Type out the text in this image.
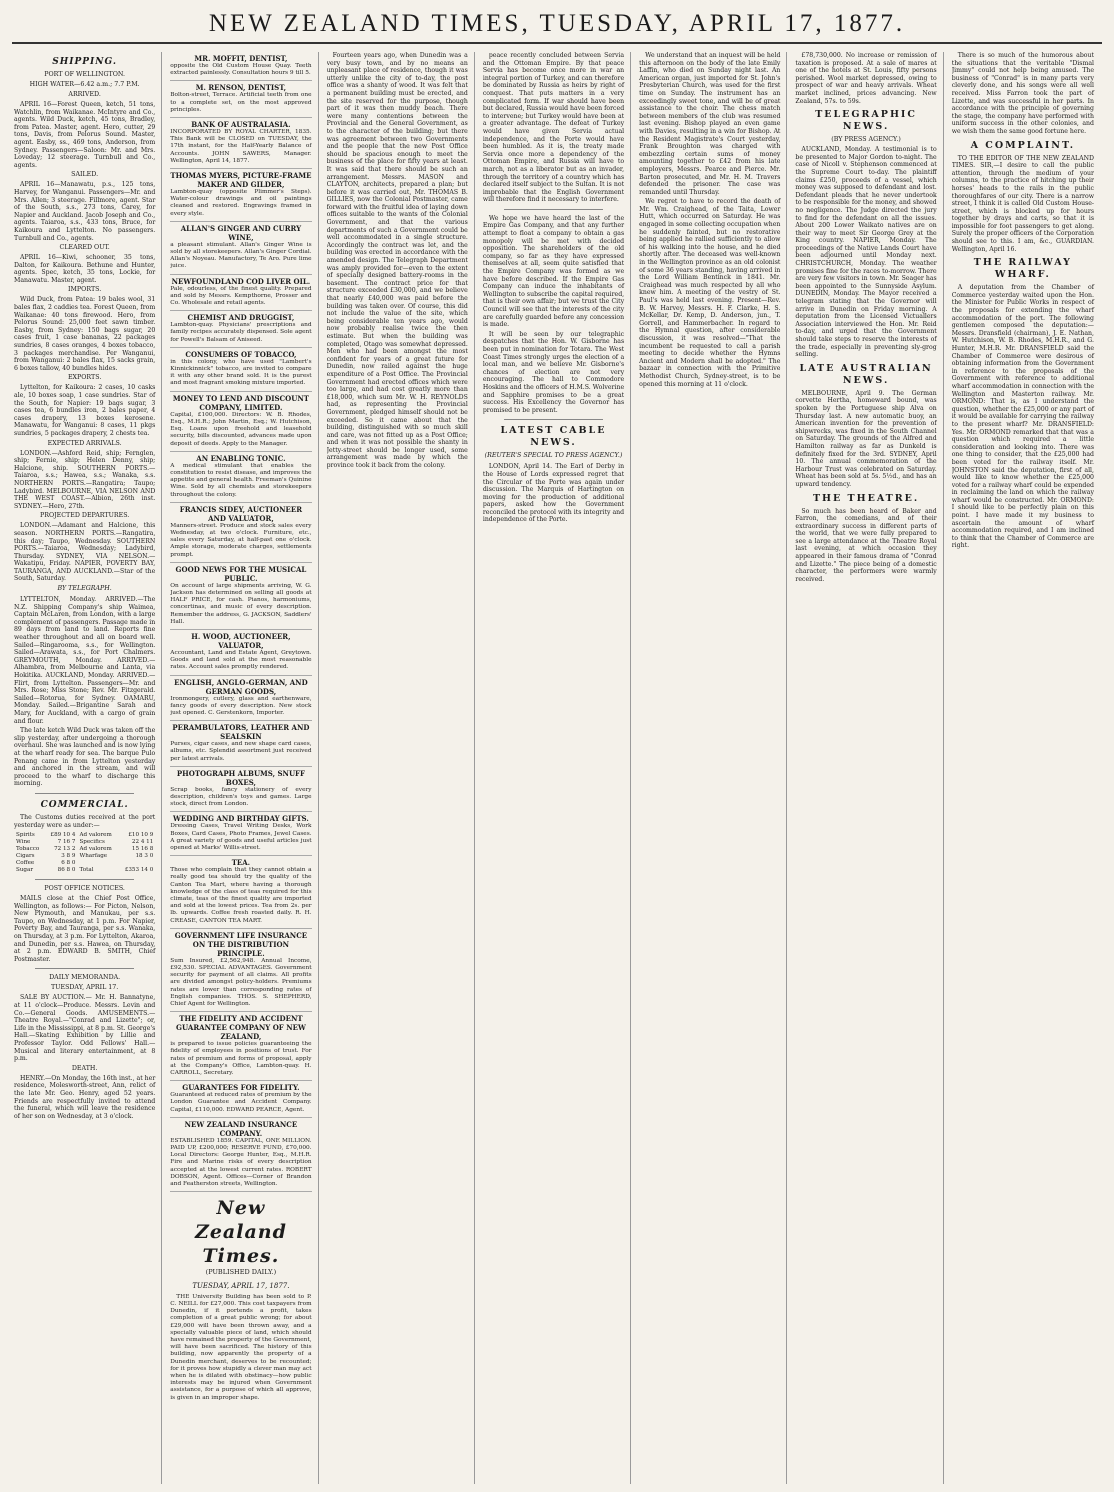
NEW ZEALAND TIMES, TUESDAY, APRIL 17, 1877.
SHIPPING.
PORT OF WELLINGTON.
HIGH WATER—6.42 a.m.; 7.7 P.M.
ARRIVED.

APRIL 16—Forest Queen, ketch, 51 tons, Watchlin, from Waikanae. McIntyre and Co., agents. Wild Duck, ketch, 45 tons, Bradley, from Patea. Master, agent. Hero, cutter, 29 tons, Davis, from Pelorus Sound. Master, agent. Easby, ss., 469 tons, Anderson, from Sydney. Passengers—Saloon: Mr. and Mrs. Loveday; 12 steerage. Turnbull and Co., agents.

SAILED.

APRIL 16—Manawatu, p.s., 125 tons, Harvey, for Wanganui. Passengers—Mr. and Mrs. Allen; 3 steerage. Fillmore, agent. Star of the South, s.s., 273 tons, Carey, for Napier and Auckland. Jacob Joseph and Co., agents. Taiaroa, s.s., 433 tons, Bruce, for Kaikoura and Lyttelton. No passengers. Turnbull and Co., agents.

CLEARED OUT.

APRIL 16—Kiwi, schooner, 35 tons, Dalton, for Kaikoura. Bethune and Hunter, agents. Spec, ketch, 35 tons, Lockie, for Manawatu. Master, agent.

IMPORTS.

Wild Duck, from Patea: 19 bales wool, 31 bales flax, 2 caddies tea. Forest Queen, from Waikanae: 40 tons firewood. Hero, from Pelorus Sound: 25,000 feet sawn timber. Easby, from Sydney: 150 bags sugar, 20 cases fruit, 1 case bananas, 22 packages sundries, 8 cases oranges, 4 boxes tobacco, 3 packages merchandise. Per Wanganui, from Wanganui: 2 bales flax, 15 sacks grain, 6 boxes tallow, 40 bundles hides.

EXPORTS.

Lyttelton, for Kaikoura: 2 cases, 10 casks ale, 10 boxes soap, 1 case sundries. Star of the South, for Napier: 19 bags sugar, 3 cases tea, 6 bundles iron, 2 bales paper, 4 cases drapery, 13 boxes kerosene. Manawatu, for Wanganui: 8 cases, 11 pkgs sundries, 5 packages drapery, 2 chests tea.

EXPECTED ARRIVALS.

LONDON.—Ashford Reid, ship; Fernglen, ship; Fernie, ship; Helen Denny, ship; Halcione, ship. SOUTHERN PORTS.—Taiaroa, s.s.; Hawea, s.s.; Wanaka, s.s. NORTHERN PORTS.—Rangatira; Taupo; Ladybird. MELBOURNE, VIA NELSON AND THE WEST COAST.—Albion, 26th inst. SYDNEY.—Hero, 27th.

PROJECTED DEPARTURES.

LONDON.—Adamant and Halcione, this season. NORTHERN PORTS.—Rangatira, this day; Taupo, Wednesday. SOUTHERN PORTS.—Taiaroa, Wednesday; Ladybird, Thursday. SYDNEY, VIA NELSON.—Wakatipu, Friday. NAPIER, POVERTY BAY, TAURANGA, AND AUCKLAND.—Star of the South, Saturday.

BY TELEGRAPH.

LYTTELTON, Monday. ARRIVED.—The N.Z. Shipping Company's ship Waimea, Captain McLaren, from London, with a large complement of passengers. Passage made in 89 days from land to land. Reports fine weather throughout and all on board well. Sailed—Ringarooma, s.s., for Wellington. Sailed—Arawata, s.s., for Port Chalmers. GREYMOUTH, Monday. ARRIVED.—Alhambra, from Melbourne and Lanta, via Hokitika. AUCKLAND, Monday. ARRIVED.—Flirt, from Lyttelton. Passengers—Mr. and Mrs. Rose; Miss Stone; Rev. Mr. Fitzgerald. Sailed—Rotorua, for Sydney. OAMARU, Monday. Sailed.—Brigantine Sarah and Mary, for Auckland, with a cargo of grain and flour.

The late ketch Wild Duck was taken off the slip yesterday, after undergoing a thorough overhaul. She was launched and is now lying at the wharf ready for sea. The barque Pulo Penang came in from Lyttelton yesterday and anchored in the stream, and will proceed to the wharf to discharge this morning.

COMMERCIAL.

The Customs duties received at the port yesterday were as under:—

Spirits	£89 10 4	Ad valorem	£10 10 9
Wine	7 16 7	Specifics	22 4 11
Tobacco	72 13 2	Ad valorem	15 16 8
Cigars	3 8 9	Wharfage	18 3 0
Coffee	6 8 0		
Sugar	86 8 0	Total	£353 14 0
POST OFFICE NOTICES.

MAILS close at the Chief Post Office, Wellington, as follows:— For Picton, Nelson, New Plymouth, and Manukau, per s.s. Taupo, on Wednesday, at 1 p.m. For Napier, Poverty Bay, and Tauranga, per s.s. Wanaka, on Thursday, at 3 p.m. For Lyttelton, Akaroa, and Dunedin, per s.s. Hawea, on Thursday, at 2 p.m. EDWARD B. SMITH, Chief Postmaster.

DAILY MEMORANDA.
TUESDAY, APRIL 17.

SALE BY AUCTION.— Mr. H. Bannatyne, at 11 o'clock—Produce. Messrs. Levin and Co.—General Goods. AMUSEMENTS.— Theatre Royal.—"Conrad and Lizette"; or, Life in the Mississippi, at 8 p.m. St. George's Hall.—Skating Exhibition by Lillie and Professor Taylor. Odd Fellows' Hall.—Musical and literary entertainment, at 8 p.m.

DEATH.

HENRY.—On Monday, the 16th inst., at her residence, Molesworth-street, Ann, relict of the late Mr. Geo. Henry, aged 52 years. Friends are respectfully invited to attend the funeral, which will leave the residence of her son on Wednesday, at 3 o'clock.

MR. MOFFIT, DENTIST,
opposite the Old Custom House Quay. Teeth extracted painlessly. Consultation hours 9 till 5.
M. RENSON, DENTIST,
Bolton-street, Terrace. Artificial teeth from one to a complete set, on the most approved principles.
BANK OF AUSTRALASIA.
INCORPORATED BY ROYAL CHARTER, 1835. This Bank will be CLOSED on TUESDAY, the 17th instant, for the Half-Yearly Balance of Accounts. JOHN SAWERS, Manager. Wellington, April 14, 1877.
THOMAS MYERS, PICTURE-FRAME MAKER AND GILDER,
Lambton-quay (opposite Plimmer's Steps). Water-colour drawings and oil paintings cleaned and restored. Engravings framed in every style.
ALLAN'S GINGER AND CURRY WINE,
a pleasant stimulant. Allan's Ginger Wine is sold by all storekeepers. Allan's Ginger Cordial. Allan's Noyeau. Manufactory, Te Aro. Pure lime juice.
NEWFOUNDLAND COD LIVER OIL.
Pale, odourless, of the finest quality. Prepared and sold by Messrs. Kempthorne, Prosser and Co. Wholesale and retail agents.
CHEMIST AND DRUGGIST,
Lambton-quay. Physicians' prescriptions and family recipes accurately dispensed. Sole agent for Powell's Balsam of Aniseed.
CONSUMERS OF TOBACCO,
in this colony, who have used "Lambert's Kinnickinnick" tobacco, are invited to compare it with any other brand sold. It is the purest and most fragrant smoking mixture imported.
MONEY TO LEND AND DISCOUNT COMPANY, LIMITED.
Capital, £100,000. Directors: W. B. Rhodes, Esq., M.H.R.; John Martin, Esq.; W. Hutchison, Esq. Loans upon freehold and leasehold security, bills discounted, advances made upon deposit of deeds. Apply to the Manager.
AN ENABLING TONIC.
A medical stimulant that enables the constitution to resist disease, and improves the appetite and general health. Freeman's Quinine Wine. Sold by all chemists and storekeepers throughout the colony.
FRANCIS SIDEY, AUCTIONEER AND VALUATOR,
Manners-street. Produce and stock sales every Wednesday, at two o'clock. Furniture, etc., sales every Saturday, at half-past one o'clock. Ample storage, moderate charges, settlements prompt.
GOOD NEWS FOR THE MUSICAL PUBLIC.
On account of large shipments arriving, W. G. Jackson has determined on selling all goods at HALF PRICE, for cash. Pianos, harmoniums, concertinas, and music of every description. Remember the address, G. JACKSON, Saddlers' Hall.
H. WOOD, AUCTIONEER, VALUATOR,
Accountant, Land and Estate Agent, Greytown. Goods and land sold at the most reasonable rates. Account sales promptly rendered.
ENGLISH, ANGLO-GERMAN, AND GERMAN GOODS,
Ironmongery, cutlery, glass and earthenware, fancy goods of every description. New stock just opened. C. Gerstenkorn, Importer.
PERAMBULATORS, LEATHER AND SEALSKIN
Purses, cigar cases, and new shape card cases, albums, etc. Splendid assortment just received per latest arrivals.
PHOTOGRAPH ALBUMS, SNUFF BOXES,
Scrap books, fancy stationery of every description, children's toys and games. Large stock, direct from London.
WEDDING AND BIRTHDAY GIFTS.
Dressing Cases, Travel Writing Desks, Work Boxes, Card Cases, Photo Frames, Jewel Cases. A great variety of goods and useful articles just opened at Marks' Willis-street.
TEA.
Those who complain that they cannot obtain a really good tea should try the quality of the Canton Tea Mart, where having a thorough knowledge of the class of teas required for this climate, teas of the finest quality are imported and sold at the lowest prices. Tea from 2s. per lb. upwards. Coffee fresh roasted daily. R. H. CREASE, CANTON TEA MART.
GOVERNMENT LIFE INSURANCE ON THE DISTRIBUTION PRINCIPLE.
Sum Insured, £2,562,948. Annual Income, £92,530. SPECIAL ADVANTAGES. Government security for payment of all claims. All profits are divided amongst policy-holders. Premiums rates are lower than corresponding rates of English companies. THOS. S. SHEPHERD, Chief Agent for Wellington.
THE FIDELITY AND ACCIDENT GUARANTEE COMPANY OF NEW ZEALAND,
is prepared to issue policies guaranteeing the fidelity of employees in positions of trust. For rates of premium and forms of proposal, apply at the Company's Office, Lambton-quay. H. CARROLL, Secretary.
GUARANTEES FOR FIDELITY.
Guaranteed at reduced rates of premium by the London Guarantee and Accident Company. Capital, £110,000. EDWARD PEARCE, Agent.
NEW ZEALAND INSURANCE COMPANY.
ESTABLISHED 1859. CAPITAL, ONE MILLION. PAID UP, £200,000; RESERVE FUND, £70,000. Local Directors: George Hunter, Esq., M.H.R. Fire and Marine risks of every description accepted at the lowest current rates. ROBERT DOBSON, Agent. Offices—Corner of Brandon and Featherston streets, Wellington.
New Zealand Times.
(PUBLISHED DAILY.)
TUESDAY, APRIL 17, 1877.

THE University Building has been sold to P. C. NEILL for £27,000. This cost taxpayers from Dunedin, if it portends a profit, takes completion of a great public wrong; for about £29,000 will have been thrown away, and a specially valuable piece of land, which should have remained the property of the Government, will have been sacrificed. The history of this building, now apparently the property of a Dunedin merchant, deserves to be recounted; for it proves how stupidly a clever man may act when he is dilated with obstinacy—how public interests may be injured when Government assistance, for a purpose of which all approve, is given in an improper shape.

Fourteen years ago, when Dunedin was a very busy town, and by no means an unpleasant place of residence, though it was utterly unlike the city of to-day, the post office was a shanty of wood. It was felt that a permanent building must be erected, and the site reserved for the purpose, though part of it was then muddy beach. There were many contentions between the Provincial and the General Government, as to the character of the building; but there was agreement between two Governments and the people that the new Post Office should be spacious enough to meet the business of the place for fifty years at least. It was said that there should be such an arrangement. Messrs. MASON and CLAYTON, architects, prepared a plan; but before it was carried out, Mr. THOMAS B. GILLIES, now the Colonial Postmaster, came forward with the fruitful idea of laying down offices suitable to the wants of the Colonial Government, and that the various departments of such a Government could be well accommodated in a single structure. Accordingly the contract was let, and the building was erected in accordance with the amended design. The Telegraph Department was amply provided for—even to the extent of specially designed battery-rooms in the basement. The contract price for that structure exceeded £30,000, and we believe that nearly £40,000 was paid before the building was taken over. Of course, this did not include the value of the site, which being considerable ten years ago, would now probably realise twice the then estimate. But when the building was completed, Otago was somewhat depressed. Men who had been amongst the most confident for years of a great future for Dunedin, now railed against the huge expenditure of a Post Office. The Provincial Government had erected offices which were too large, and had cost greatly more than £18,000, which sum Mr. W. H. REYNOLDS had, as representing the Provincial Government, pledged himself should not be exceeded. So it came about that the building, distinguished with so much skill and care, was not fitted up as a Post Office; and when it was not possible the shanty in Jetty-street should be longer used, some arrangement was made by which the province took it back from the colony.

peace recently concluded between Servia and the Ottoman Empire. By that peace Servia has become once more in war an integral portion of Turkey, and can therefore be dominated by Russia as heirs by right of conquest. That puts matters in a very complicated form. If war should have been but declared, Russia would have been forced to intervene; but Turkey would have been at a greater advantage. The defeat of Turkey would have given Servia actual independence, and the Porte would have been humbled. As it is, the treaty made Servia once more a dependency of the Ottoman Empire, and Russia will have to march, not as a liberator but as an invader, through the territory of a country which has declared itself subject to the Sultan. It is not improbable that the English Government will therefore find it necessary to interfere.

We hope we have heard the last of the Empire Gas Company, and that any further attempt to float a company to obtain a gas monopoly will be met with decided opposition. The shareholders of the old company, so far as they have expressed themselves at all, seem quite satisfied that the Empire Company was formed as we have before described. If the Empire Gas Company can induce the inhabitants of Wellington to subscribe the capital required, that is their own affair; but we trust the City Council will see that the interests of the city are carefully guarded before any concession is made.

It will be seen by our telegraphic despatches that the Hon. W. Gisborne has been put in nomination for Totara. The West Coast Times strongly urges the election of a local man, and we believe Mr. Gisborne's chances of election are not very encouraging. The hall to Commodore Hoskins and the officers of H.M.S. Wolverine and Sapphire promises to be a great success. His Excellency the Governor has promised to be present.

LATEST CABLE NEWS.
(REUTER'S SPECIAL TO PRESS AGENCY.)

LONDON, April 14. The Earl of Derby in the House of Lords expressed regret that the Circular of the Porte was again under discussion. The Marquis of Hartington on moving for the production of additional papers, asked how the Government reconciled the protocol with its integrity and independence of the Porte.

We understand that an inquest will be held this afternoon on the body of the late Emily Laffin, who died on Sunday night last. An American organ, just imported for St. John's Presbyterian Church, was used for the first time on Sunday. The instrument has an exceedingly sweet tone, and will be of great assistance to the choir. The chess match between members of the club was resumed last evening. Bishop played an even game with Davies, resulting in a win for Bishop. At the Resident Magistrate's Court yesterday, Frank Broughton was charged with embezzling certain sums of money amounting together to £42 from his late employers, Messrs. Pearce and Pierce. Mr. Barton prosecuted, and Mr. H. M. Travers defended the prisoner. The case was remanded until Thursday.

We regret to have to record the death of Mr. Wm. Craighead, of the Taita, Lower Hutt, which occurred on Saturday. He was engaged in some collecting occupation when he suddenly fainted, but no restorative being applied he rallied sufficiently to allow of his walking into the house, and he died shortly after. The deceased was well-known in the Wellington province as an old colonist of some 36 years standing, having arrived in the Lord William Bentinck in 1841. Mr. Craighead was much respected by all who knew him. A meeting of the vestry of St. Paul's was held last evening. Present—Rev. B. W. Harvey, Messrs. H. F. Clarke, H. S. McKellar, Dr. Kemp, D. Anderson, jun., T. Gorrell, and Hammerbacher. In regard to the Hymnal question, after considerable discussion, it was resolved—"That the incumbent be requested to call a parish meeting to decide whether the Hymns Ancient and Modern shall be adopted." The bazaar in connection with the Primitive Methodist Church, Sydney-street, is to be opened this morning at 11 o'clock.

£78,730,000. No increase or remission of taxation is proposed. At a sale of mares at one of the hotels at St. Louis, fifty persons perished. Wool market depressed, owing to prospect of war and heavy arrivals. Wheat market inclined, prices advancing. New Zealand, 57s. to 59s.

TELEGRAPHIC NEWS.
(BY PRESS AGENCY.)

AUCKLAND, Monday. A testimonial is to be presented to Major Gordon to-night. The case of Nicoll v. Stephenson commenced at the Supreme Court to-day. The plaintiff claims £250, proceeds of a vessel, which money was supposed to defendant and lost. Defendant pleads that he never undertook to be responsible for the money, and showed no negligence. The Judge directed the jury to find for the defendant on all the issues. About 200 Lower Waikato natives are on their way to meet Sir George Grey at the King country. NAPIER, Monday. The proceedings of the Native Lands Court have been adjourned until Monday next. CHRISTCHURCH, Monday. The weather promises fine for the races to-morrow. There are very few visitors in town. Mr. Seager has been appointed to the Sunnyside Asylum. DUNEDIN, Monday. The Mayor received a telegram stating that the Governor will arrive in Dunedin on Friday morning. A deputation from the Licensed Victuallers Association interviewed the Hon. Mr. Reid to-day, and urged that the Government should take steps to reserve the interests of the trade, especially in preventing sly-grog selling.

LATE AUSTRALIAN NEWS.

MELBOURNE, April 9. The German corvette Hertha, homeward bound, was spoken by the Portuguese ship Alva on Thursday last. A new automatic buoy, an American invention for the prevention of shipwrecks, was fixed in the South Channel on Saturday. The grounds of the Alfred and Hamilton railway as far as Dunkeld is definitely fixed for the 3rd. SYDNEY, April 10. The annual commemoration of the Harbour Trust was celebrated on Saturday. Wheat has been sold at 5s. 5½d., and has an upward tendency.

THE THEATRE.

So much has been heard of Baker and Farron, the comedians, and of their extraordinary success in different parts of the world, that we were fully prepared to see a large attendance at the Theatre Royal last evening, at which occasion they appeared in their famous drama of "Conrad and Lizette." The piece being of a domestic character, the performers were warmly received.

There is so much of the humorous about the situations that the veritable "Dismal Jimmy" could not help being amused. The business of "Conrad" is in many parts very cleverly done, and his songs were all well received. Miss Farron took the part of Lizette, and was successful in her parts. In accordance with the principle of governing the stage, the company have performed with uniform success in the other colonies, and we wish them the same good fortune here.

A COMPLAINT.

TO THE EDITOR OF THE NEW ZEALAND TIMES. SIR,—I desire to call the public attention, through the medium of your columns, to the practice of hitching up their horses' heads to the rails in the public thoroughfares of our city. There is a narrow street, I think it is called Old Custom House-street, which is blocked up for hours together by drays and carts, so that it is impossible for foot passengers to get along. Surely the proper officers of the Corporation should see to this. I am, &c., GUARDIAN. Wellington, April 16.

THE RAILWAY WHARF.

A deputation from the Chamber of Commerce yesterday waited upon the Hon. the Minister for Public Works in respect of the proposals for extending the wharf accommodation of the port. The following gentlemen composed the deputation:—Messrs. Dransfield (chairman), J. E. Nathan, W. Hutchison, W. B. Rhodes, M.H.R., and G. Hunter, M.H.R. Mr. DRANSFIELD said the Chamber of Commerce were desirous of obtaining information from the Government in reference to the proposals of the Government with reference to additional wharf accommodation in connection with the Wellington and Masterton railway. Mr. ORMOND: That is, as I understand the question, whether the £25,000 or any part of it would be available for carrying the railway to the present wharf? Mr. DRANSFIELD: Yes. Mr. ORMOND remarked that that was a question which required a little consideration and looking into. There was one thing to consider, that the £25,000 had been voted for the railway itself. Mr. JOHNSTON said the deputation, first of all, would like to know whether the £25,000 voted for a railway wharf could be expended in reclaiming the land on which the railway wharf would be constructed. Mr. ORMOND: I should like to be perfectly plain on this point. I have made it my business to ascertain the amount of wharf accommodation required, and I am inclined to think that the Chamber of Commerce are right.
